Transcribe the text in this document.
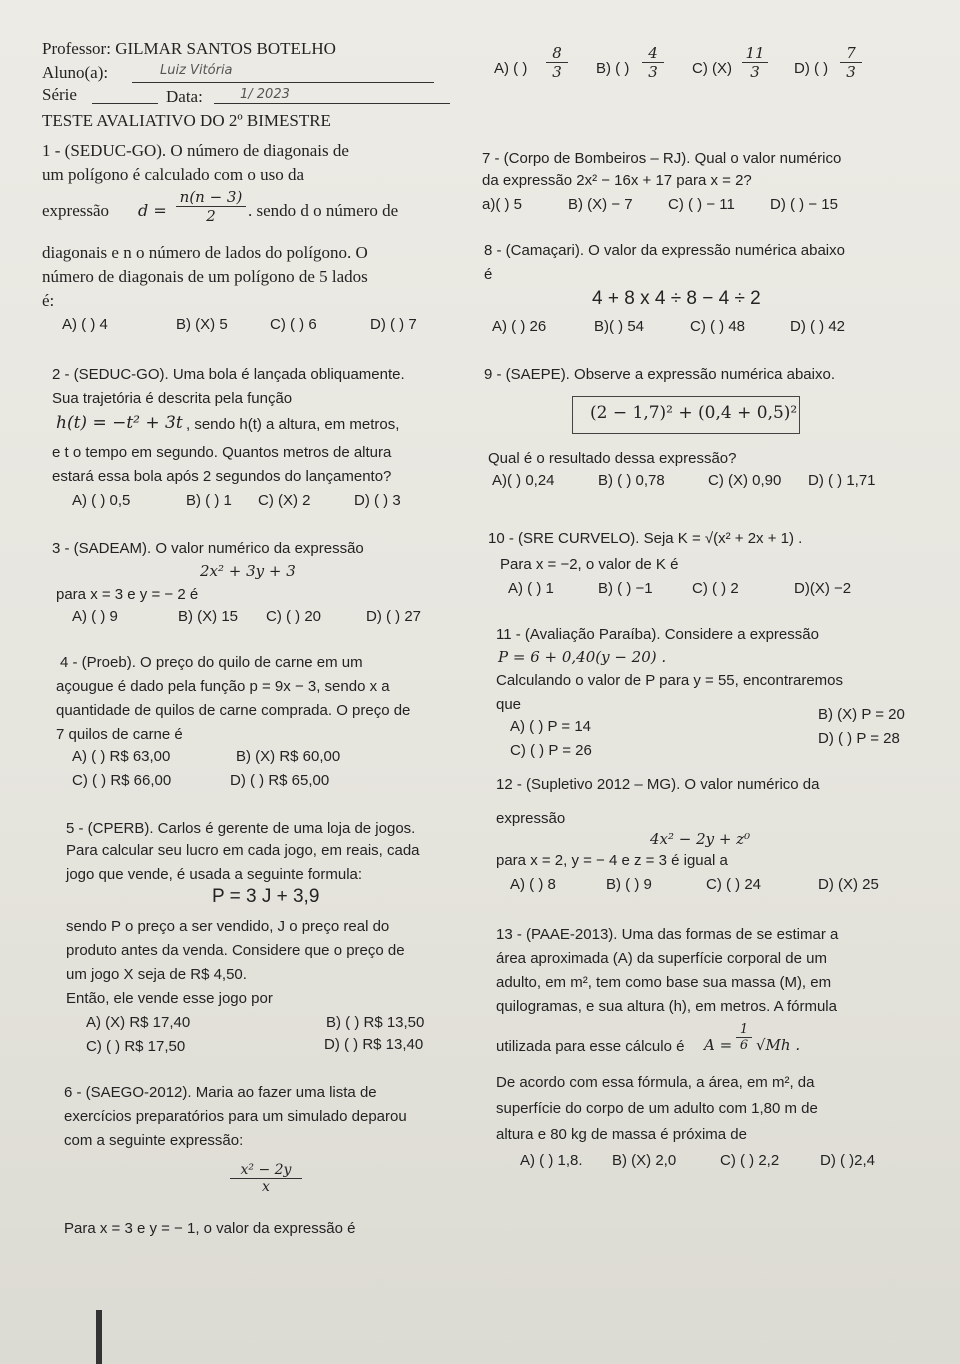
Professor: GILMAR SANTOS BOTELHO
Aluno(a):	Luiz Vitória
Série	Data:	1/ 2023
TESTE AVALIATIVO DO 2º BIMESTRE
1 - (SEDUC-GO). O número de diagonais de
um polígono é calculado com o uso da
expressão $d = \frac{n(n - 3)}{2}$ . sendo d o número de
diagonais e n o número de lados do polígono. O
número de diagonais de um polígono de 5 lados
é:
A) ( ) 4	B) (X) 5	C) ( ) 6	D) ( ) 7
2 - (SEDUC-GO). Uma bola é lançada obliquamente.
Sua trajetória é descrita pela função
h(t) = −t² + 3t , sendo h(t) a altura, em metros,
e t o tempo em segundo. Quantos metros de altura
estará essa bola após 2 segundos do lançamento?
A) ( ) 0,5	B) ( ) 1 C) (X) 2	D) ( ) 3
3 - (SADEAM). O valor numérico da expressão
2x² + 3y + 3
para x = 3 e y = − 2 é
A) ( ) 9	B) (X) 15 C) ( ) 20	D) ( ) 27
4 - (Proeb). O preço do quilo de carne em um
açougue é dado pela função p = 9x − 3, sendo x a
quantidade de quilos de carne comprada. O preço de
7 quilos de carne é
A) ( ) R$ 63,00	B) (X) R$ 60,00
C) ( ) R$ 66,00	D) ( ) R$ 65,00
5 - (CPERB). Carlos é gerente de uma loja de jogos.
Para calcular seu lucro em cada jogo, em reais, cada
jogo que vende, é usada a seguinte formula:
P = 3 J + 3,9
sendo P o preço a ser vendido, J o preço real do
produto antes da venda. Considere que o preço de
um jogo X seja de R$ 4,50.
Então, ele vende esse jogo por
A) (X) R$ 17,40	B) ( ) R$ 13,50
C) ( ) R$ 17,50	D) ( ) R$ 13,40
6 - (SAEGO-2012). Maria ao fazer uma lista de
exercícios preparatórios para um simulado deparou
com a seguinte expressão:
$\frac{\text{x² − 2y}}{x}$
Para x = 3 e y = − 1, o valor da expressão é
A) ( ) $\frac{8}{3} B$) ( ) $\frac{4}{3} C$) $(X) \frac{11}{3} D$) ( ) $\frac{7}{3}$
7 - (Corpo de Bombeiros – RJ). Qual o valor numérico
da expressão 2x² − 16x + 17 para x = 2?
a)( ) 5	B) (X) − 7 C) ( ) − 11 D) ( ) − 15
8 - (Camaçari). O valor da expressão numérica abaixo
é
4 + 8 x 4 ÷ 8 − 4 ÷ 2
A) ( ) 26	B)( ) 54	C) ( ) 48	D) ( ) 42
9 - (SAEPE). Observe a expressão numérica abaixo.
(2 − 1,7)² + (0,4 + 0,5)²
Qual é o resultado dessa expressão?
A)( ) 0,24	B) ( ) 0,78	C) (X) 0,90 D) ( ) 1,71
10 - (SRE CURVELO). Seja K = √(x² + 2x + 1) .
Para x = −2, o valor de K é
A) ( ) 1	B) ( ) −1	C) ( ) 2	D)(X) −2
11 - (Avaliação Paraíba). Considere a expressão
P = 6 + 0,40(y − 20) .
Calculando o valor de P para y = 55, encontraremos
que
A) ( ) P = 14
B) (X) P = 20
C) ( ) P = 26
D) ( ) P = 28
12 - (Supletivo 2012 – MG). O valor numérico da
expressão
4x² − 2y + z⁰
para x = 2, y = − 4 e z = 3 é igual a
A) ( ) 8	B) ( ) 9	C) ( ) 24	D) (X) 25
13 - (PAAE-2013). Uma das formas de se estimar a
área aproximada (A) da superfície corporal de um
adulto, em m², tem como base sua massa (M), em
quilogramas, e sua altura (h), em metros. A fórmula
utilizada para esse cálculo é $A = \frac{1}{6} √Mh$ .
De acordo com essa fórmula, a área, em m², da
superfície do corpo de um adulto com 1,80 m de
altura e 80 kg de massa é próxima de
A) ( ) 1,8. B) (X) 2,0	C) ( ) 2,2	D) ( )2,4
